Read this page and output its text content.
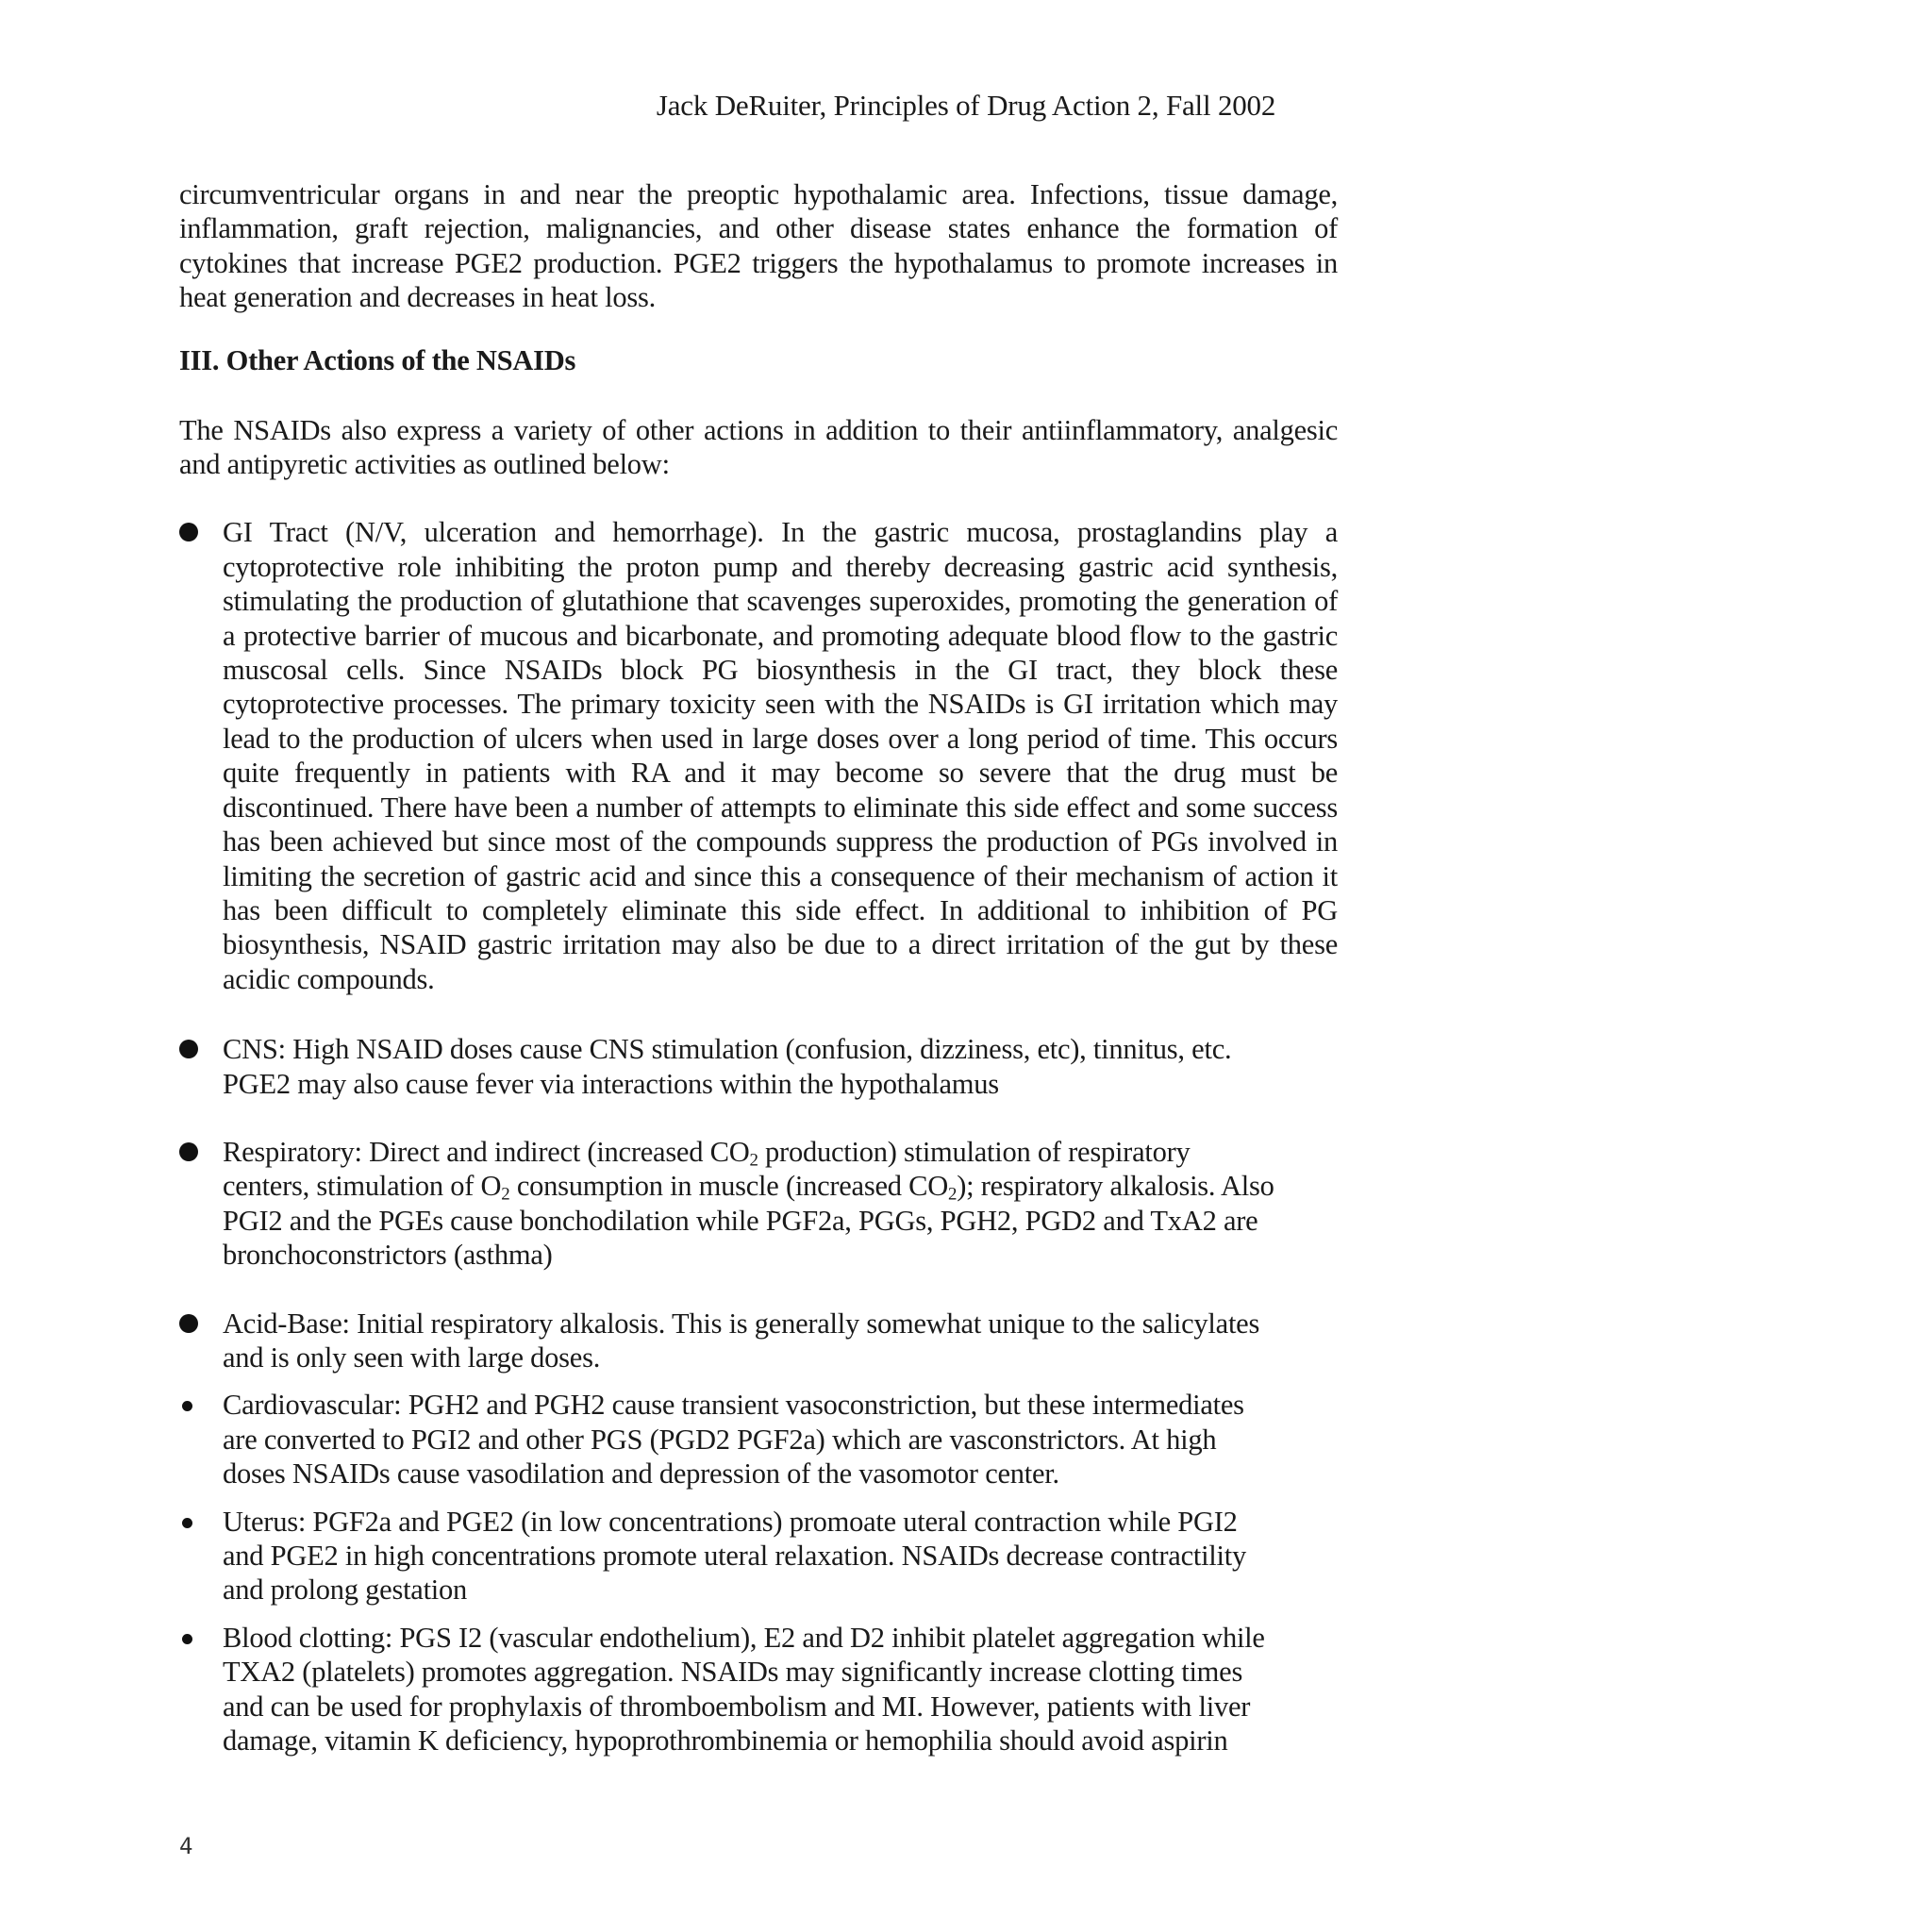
Jack DeRuiter, Principles of Drug Action 2, Fall 2002

circumventricular organs in and near the preoptic hypothalamic area. Infections, tissue damage, inflammation, graft rejection, malignancies, and other disease states enhance the formation of cytokines that increase PGE2 production. PGE2 triggers the hypothalamus to promote increases in heat generation and decreases in heat loss.

III. Other Actions of the NSAIDs

The NSAIDs also express a variety of other actions in addition to their antiinflammatory, analgesic and antipyretic activities as outlined below:

GI Tract (N/V, ulceration and hemorrhage). In the gastric mucosa, prostaglandins play a cytoprotective role inhibiting the proton pump and thereby decreasing gastric acid synthesis, stimulating the production of glutathione that scavenges superoxides, promoting the generation of a protective barrier of mucous and bicarbonate, and promoting adequate blood flow to the gastric muscosal cells. Since NSAIDs block PG biosynthesis in the GI tract, they block these cytoprotective processes. The primary toxicity seen with the NSAIDs is GI irritation which may lead to the production of ulcers when used in large doses over a long period of time. This occurs quite frequently in patients with RA and it may become so severe that the drug must be discontinued. There have been a number of attempts to eliminate this side effect and some success has been achieved but since most of the compounds suppress the production of PGs involved in limiting the secretion of gastric acid and since this a consequence of their mechanism of action it has been difficult to completely eliminate this side effect. In additional to inhibition of PG biosynthesis, NSAID gastric irritation may also be due to a direct irritation of the gut by these acidic compounds.
CNS: High NSAID doses cause CNS stimulation (confusion, dizziness, etc), tinnitus, etc.
PGE2 may also cause fever via interactions within the hypothalamus
Respiratory: Direct and indirect (increased $CO_2$ production) stimulation of respiratory
centers, stimulation of $O_2$ consumption in muscle (increased $CO_2$); respiratory alkalosis. Also
PGI2 and the PGEs cause bonchodilation while PGF2a, PGGs, PGH2, PGD2 and TxA2 are
bronchoconstrictors (asthma)
Acid-Base: Initial respiratory alkalosis. This is generally somewhat unique to the salicylates
and is only seen with large doses.
Cardiovascular: PGH2 and PGH2 cause transient vasoconstriction, but these intermediates
are converted to PGI2 and other PGS (PGD2 PGF2a) which are vasconstrictors. At high
doses NSAIDs cause vasodilation and depression of the vasomotor center.
Uterus: PGF2a and PGE2 (in low concentrations) promoate uteral contraction while PGI2
and PGE2 in high concentrations promote uteral relaxation. NSAIDs decrease contractility
and prolong gestation
Blood clotting: PGS I2 (vascular endothelium), E2 and D2 inhibit platelet aggregation while
TXA2 (platelets) promotes aggregation. NSAIDs may significantly increase clotting times
and can be used for prophylaxis of thromboembolism and MI. However, patients with liver
damage, vitamin K deficiency, hypoprothrombinemia or hemophilia should avoid aspirin
4
